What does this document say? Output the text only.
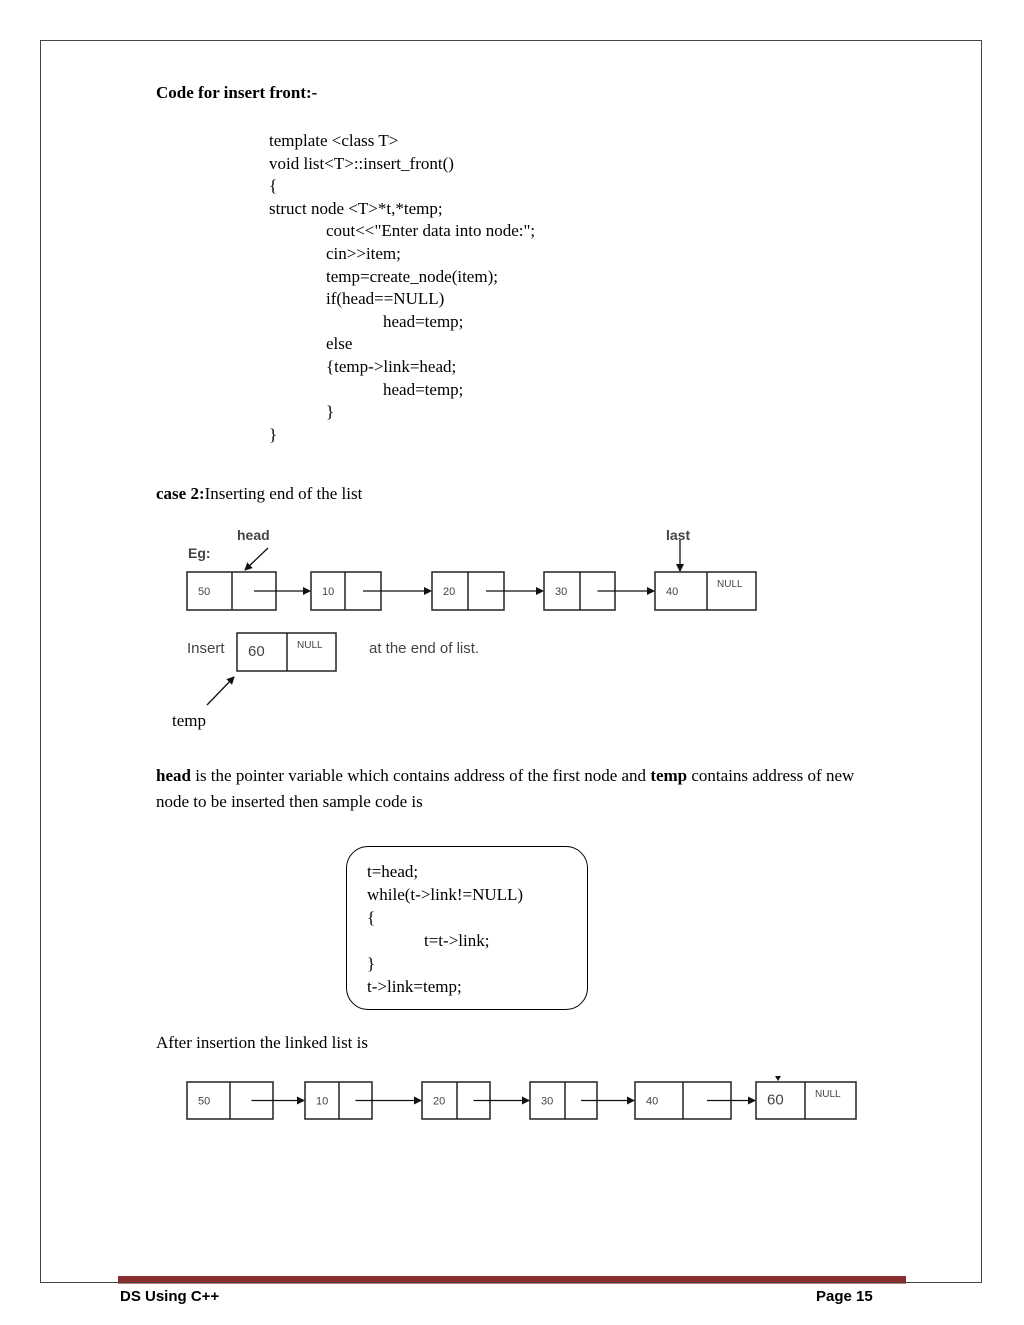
Code for insert front:-
template <class T>
void list<T>::insert_front()
{
struct node <T>*t,*temp;
cout<<"Enter data into node:";
cin>>item;
temp=create_node(item);
if(head==NULL)
head=temp;
else
{temp->link=head;
head=temp;
}
}
case 2:Inserting end of the list
Eg:
head	last
50	10	20	30	40
NULL
Insert 60	NULL	at the end of list.
temp
50	10	20	30	40	60	NULL
head is the pointer variable which contains address of the first node and temp contains address of new node to be inserted then sample code is
t=head;
while(t->link!=NULL)
{
t=t->link;
}
t->link=temp;
After insertion the linked list is
DS Using C++	Page 15
